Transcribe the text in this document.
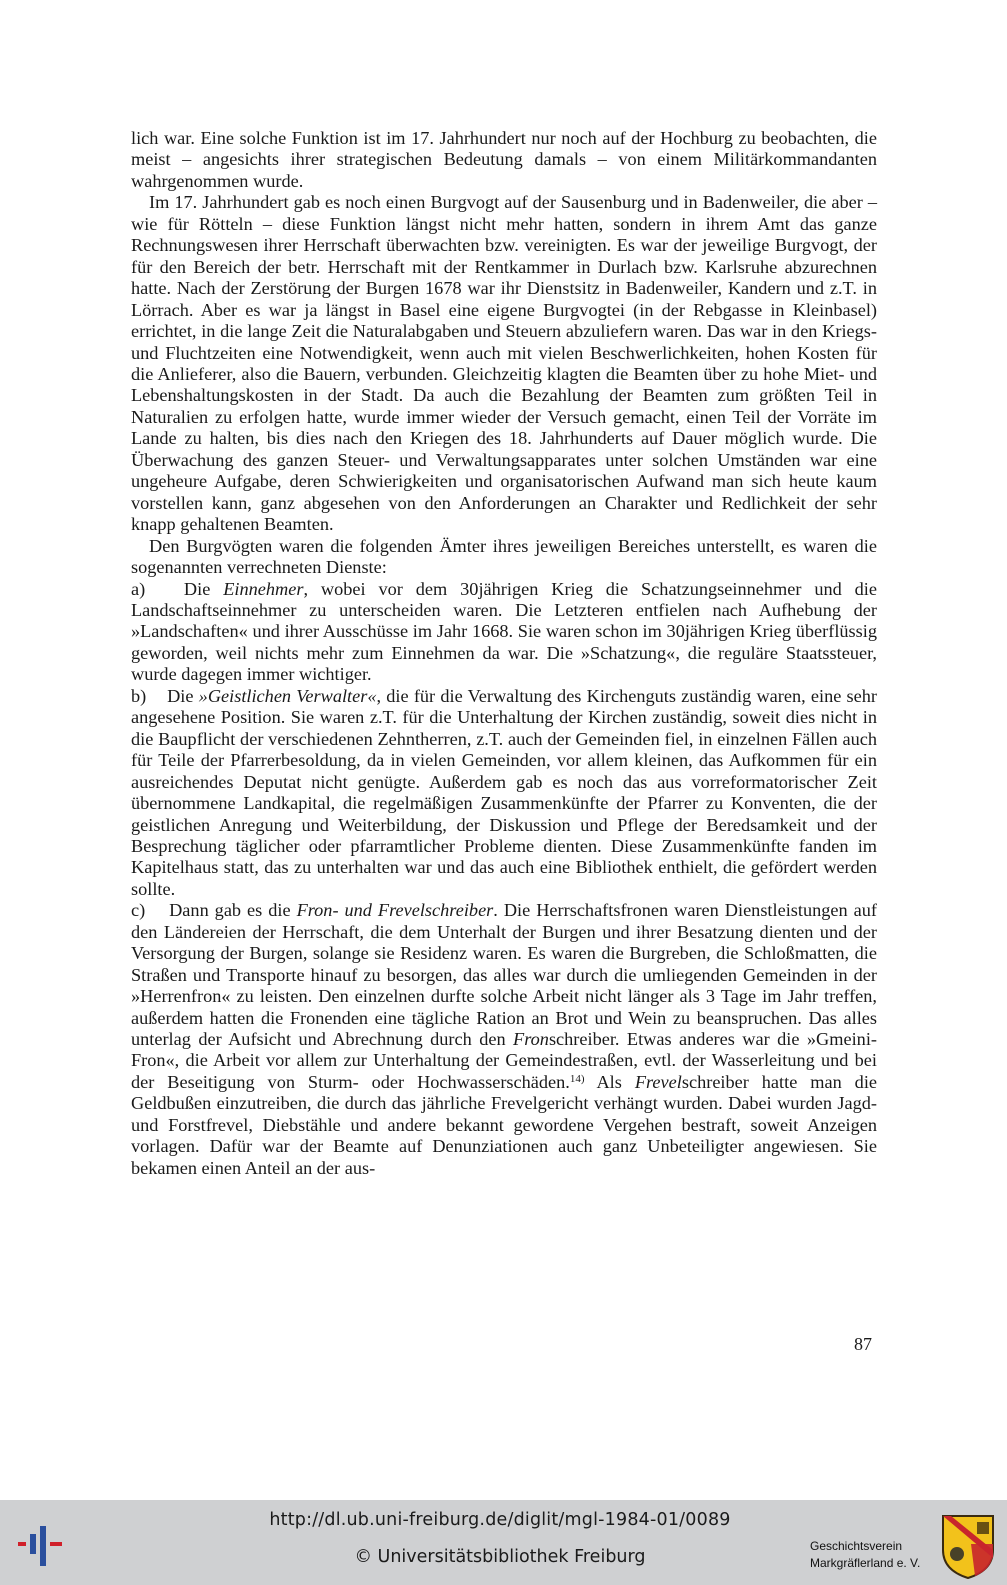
lich war. Eine solche Funktion ist im 17. Jahrhundert nur noch auf der Hochburg zu beobachten, die meist – angesichts ihrer strategischen Bedeutung damals – von einem Militärkommandanten wahrgenommen wurde.

Im 17. Jahrhundert gab es noch einen Burgvogt auf der Sausenburg und in Badenweiler, die aber – wie für Rötteln – diese Funktion längst nicht mehr hatten, sondern in ihrem Amt das ganze Rechnungswesen ihrer Herrschaft überwachten bzw. vereinigten. Es war der jeweilige Burgvogt, der für den Bereich der betr. Herrschaft mit der Rentkammer in Durlach bzw. Karlsruhe abzurechnen hatte. Nach der Zerstörung der Burgen 1678 war ihr Dienstsitz in Badenweiler, Kandern und z.T. in Lörrach. Aber es war ja längst in Basel eine eigene Burgvogtei (in der Rebgasse in Kleinbasel) errichtet, in die lange Zeit die Naturalabgaben und Steuern abzuliefern waren. Das war in den Kriegs- und Fluchtzeiten eine Notwendigkeit, wenn auch mit vielen Beschwerlichkeiten, hohen Kosten für die Anlieferer, also die Bauern, verbunden. Gleichzeitig klagten die Beamten über zu hohe Miet- und Lebenshaltungskosten in der Stadt. Da auch die Bezahlung der Beamten zum größten Teil in Naturalien zu erfolgen hatte, wurde immer wieder der Versuch gemacht, einen Teil der Vorräte im Lande zu halten, bis dies nach den Kriegen des 18. Jahrhunderts auf Dauer möglich wurde. Die Überwachung des ganzen Steuer- und Verwaltungsapparates unter solchen Umständen war eine ungeheure Aufgabe, deren Schwierigkeiten und organisatorischen Aufwand man sich heute kaum vorstellen kann, ganz abgesehen von den Anforderungen an Charakter und Redlichkeit der sehr knapp gehaltenen Beamten.

Den Burgvögten waren die folgenden Ämter ihres jeweiligen Bereiches unterstellt, es waren die sogenannten verrechneten Dienste:

a)   Die Einnehmer, wobei vor dem 30jährigen Krieg die Schatzungseinnehmer und die Landschaftseinnehmer zu unterscheiden waren. Die Letzteren entfielen nach Aufhebung der »Landschaften« und ihrer Ausschüsse im Jahr 1668. Sie waren schon im 30jährigen Krieg überflüssig geworden, weil nichts mehr zum Einnehmen da war. Die »Schatzung«, die reguläre Staatssteuer, wurde dagegen immer wichtiger.

b)    Die »Geistlichen Verwalter«, die für die Verwaltung des Kirchenguts zuständig waren, eine sehr angesehene Position. Sie waren z.T. für die Unterhaltung der Kirchen zuständig, soweit dies nicht in die Baupflicht der verschiedenen Zehntherren, z.T. auch der Gemeinden fiel, in einzelnen Fällen auch für Teile der Pfarrerbesoldung, da in vielen Gemeinden, vor allem kleinen, das Aufkommen für ein ausreichendes Deputat nicht genügte. Außerdem gab es noch das aus vorreformatorischer Zeit übernommene Landkapital, die regelmäßigen Zusammenkünfte der Pfarrer zu Konventen, die der geistlichen Anregung und Weiterbildung, der Diskussion und Pflege der Beredsamkeit und der Besprechung täglicher oder pfarramtlicher Probleme dienten. Diese Zusammenkünfte fanden im Kapitelhaus statt, das zu unterhalten war und das auch eine Bibliothek enthielt, die gefördert werden sollte.

c) Dann gab es die Fron- und Frevelschreiber. Die Herrschaftsfronen waren Dienstleistungen auf den Ländereien der Herrschaft, die dem Unterhalt der Burgen und ihrer Besatzung dienten und der Versorgung der Burgen, solange sie Residenz waren. Es waren die Burgreben, die Schloßmatten, die Straßen und Transporte hinauf zu besorgen, das alles war durch die umliegenden Gemeinden in der »Herrenfron« zu leisten. Den einzelnen durfte solche Arbeit nicht länger als 3 Tage im Jahr treffen, außerdem hatten die Fronenden eine tägliche Ration an Brot und Wein zu beanspruchen. Das alles unterlag der Aufsicht und Abrechnung durch den Fronschreiber. Etwas anderes war die »Gmeini-Fron«, die Arbeit vor allem zur Unterhaltung der Gemeindestraßen, evtl. der Wasserleitung und bei der Beseitigung von Sturm- oder Hochwasserschäden.$^{14)}$ Als Frevelschreiber hatte man die Geldbußen einzutreiben, die durch das jährliche Frevelgericht verhängt wurden. Dabei wurden Jagd- und Forstfrevel, Diebstähle und andere bekannt gewordene Vergehen bestraft, soweit Anzeigen vorlagen. Dafür war der Beamte auf Denunziationen auch ganz Unbeteiligter angewiesen. Sie bekamen einen Anteil an der aus-

87
http://dl.ub.uni-freiburg.de/diglit/mgl-1984-01/0089
© Universitätsbibliothek Freiburg
Geschichtsverein
Markgräflerland e. V.
